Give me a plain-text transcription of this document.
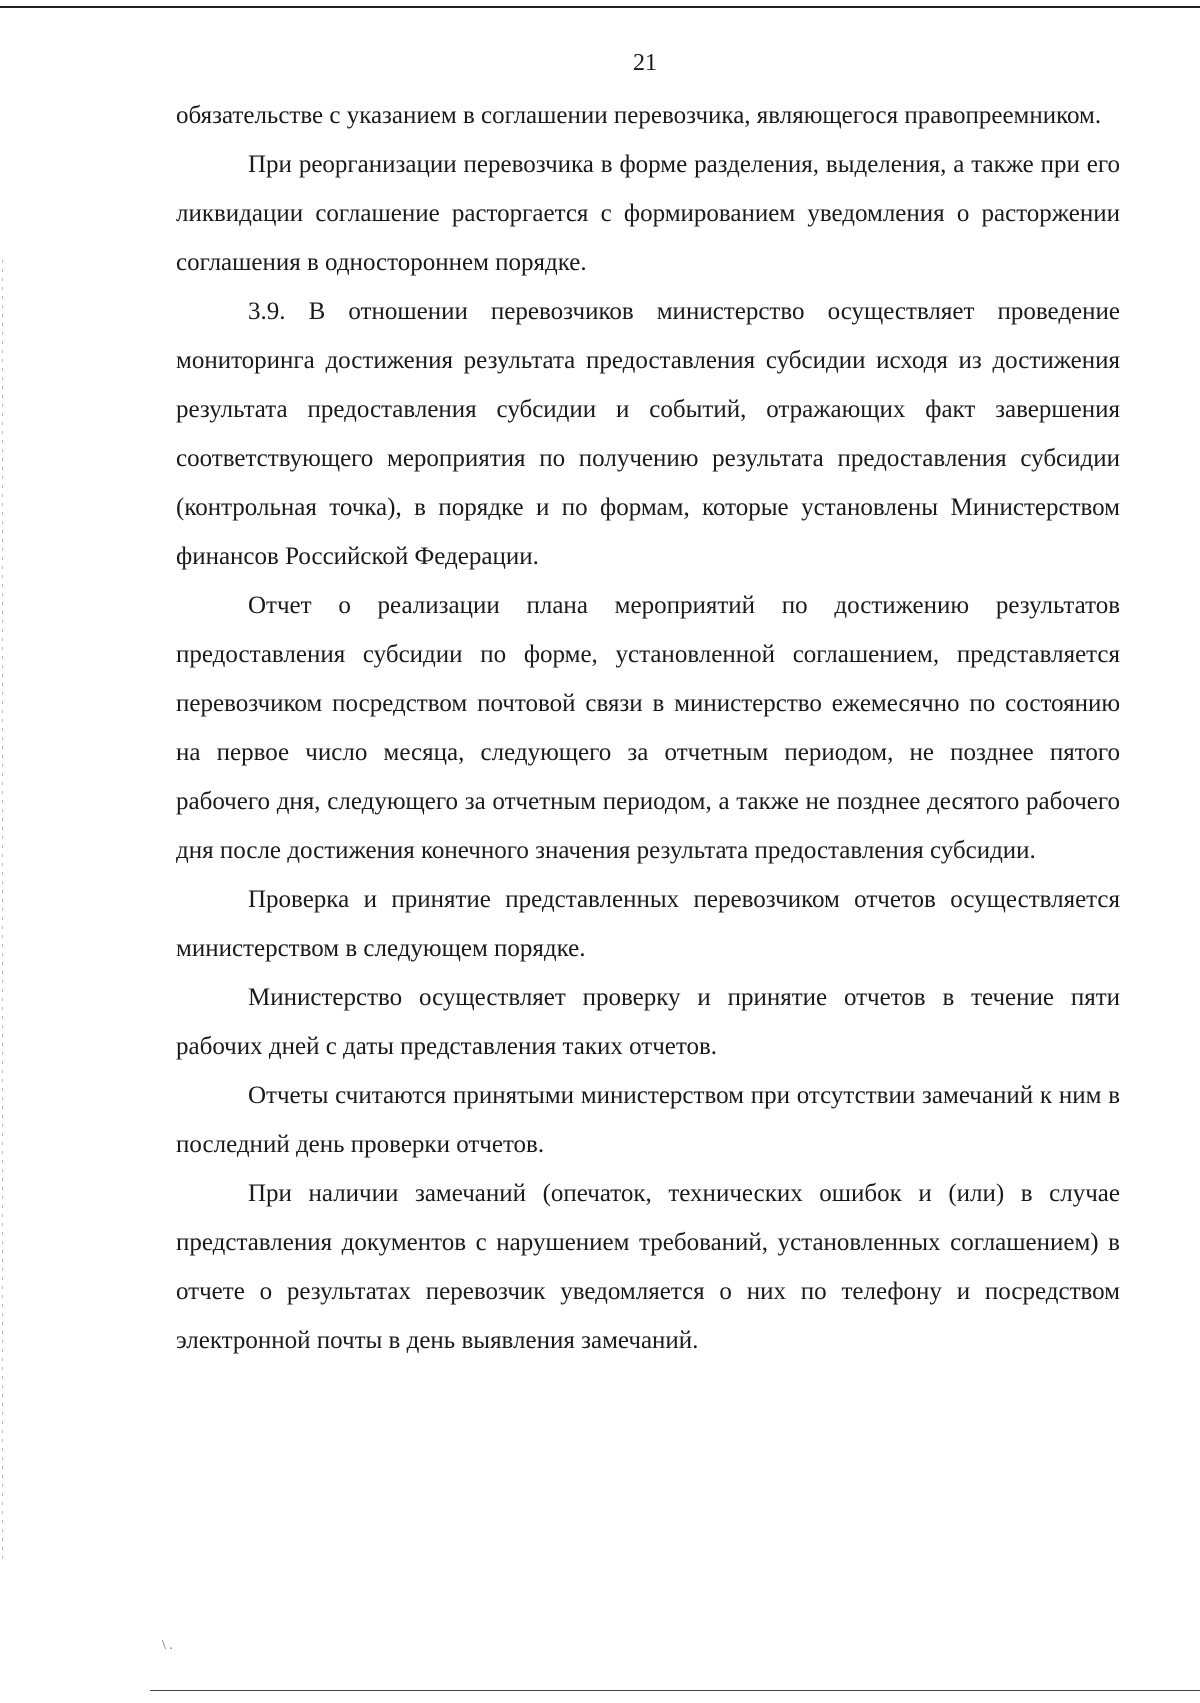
21

обязательстве с указанием в соглашении перевозчика, являющегося правопреемником.

При реорганизации перевозчика в форме разделения, выделения, а также при его ликвидации соглашение расторгается с формированием уведомления о расторжении соглашения в одностороннем порядке.

3.9. В отношении перевозчиков министерство осуществляет проведение мониторинга достижения результата предоставления субсидии исходя из достижения результата предоставления субсидии и событий, отражающих факт завершения соответствующего мероприятия по получению результата предоставления субсидии (контрольная точка), в порядке и по формам, которые установлены Министерством финансов Российской Федерации.

Отчет о реализации плана мероприятий по достижению результатов предоставления субсидии по форме, установленной соглашением, представляется перевозчиком посредством почтовой связи в министерство ежемесячно по состоянию на первое число месяца, следующего за отчетным периодом, не позднее пятого рабочего дня, следующего за отчетным периодом, а также не позднее десятого рабочего дня после достижения конечного значения результата предоставления субсидии.

Проверка и принятие представленных перевозчиком отчетов осуществляется министерством в следующем порядке.

Министерство осуществляет проверку и принятие отчетов в течение пяти рабочих дней с даты представления таких отчетов.

Отчеты считаются принятыми министерством при отсутствии замечаний к ним в последний день проверки отчетов.

При наличии замечаний (опечаток, технических ошибок и (или) в случае представления документов с нарушением требований, установленных соглашением) в отчете о результатах перевозчик уведомляется о них по телефону и посредством электронной почты в день выявления замечаний.

\ .
